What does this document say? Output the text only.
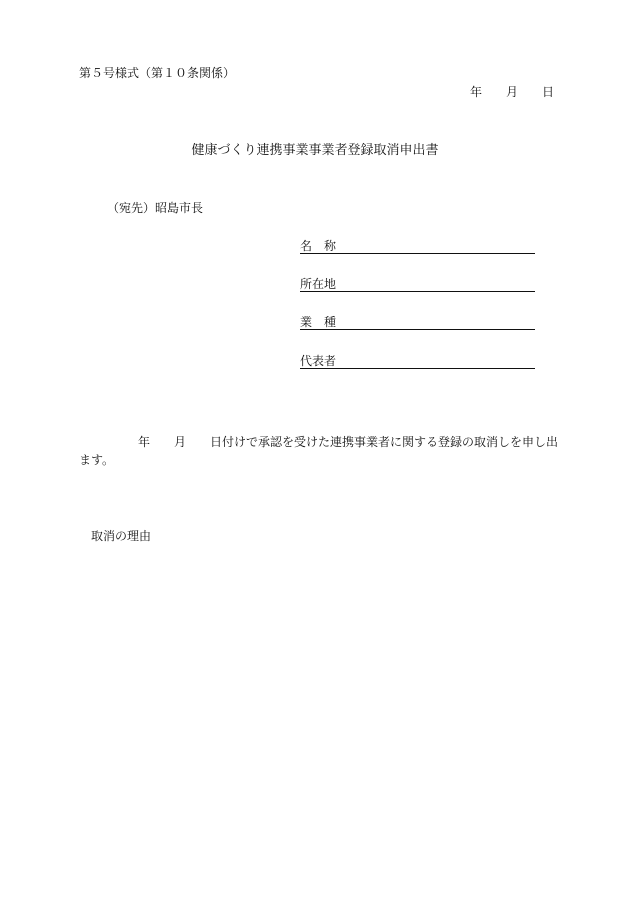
第５号様式（第１０条関係）
年　　月　　日
健康づくり連携事業事業者登録取消申出書
（宛先）昭島市長
名　称
所在地
業　種
代表者
年　　月　　日付けで承認を受けた連携事業者に関する登録の取消しを申し出ます。
取消の理由
